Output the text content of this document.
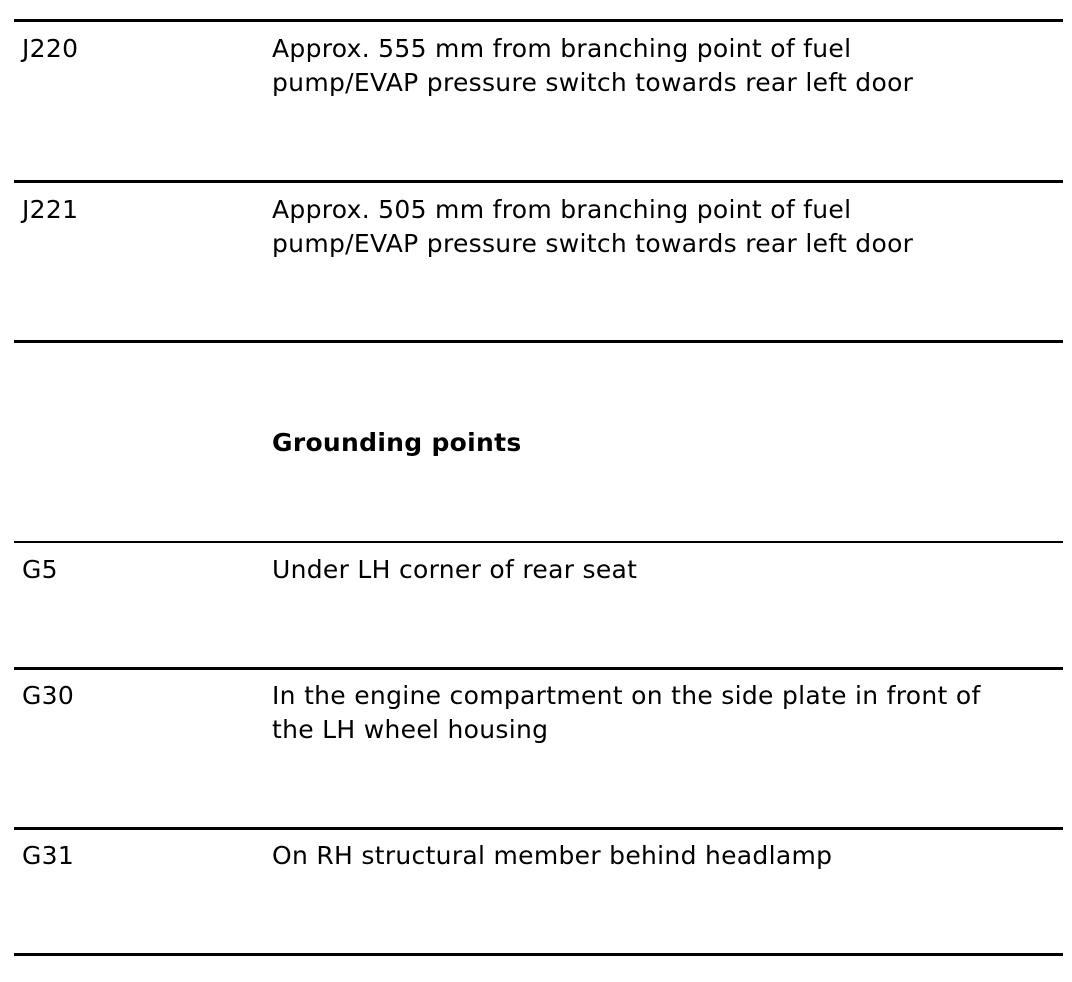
J220	Approx. 555 mm from branching point of fuel
pump/EVAP pressure switch towards rear left door
J221	Approx. 505 mm from branching point of fuel
pump/EVAP pressure switch towards rear left door
Grounding points
G5	Under LH corner of rear seat
G30	In the engine compartment on the side plate in front of
the LH wheel housing
G31	On RH structural member behind headlamp
